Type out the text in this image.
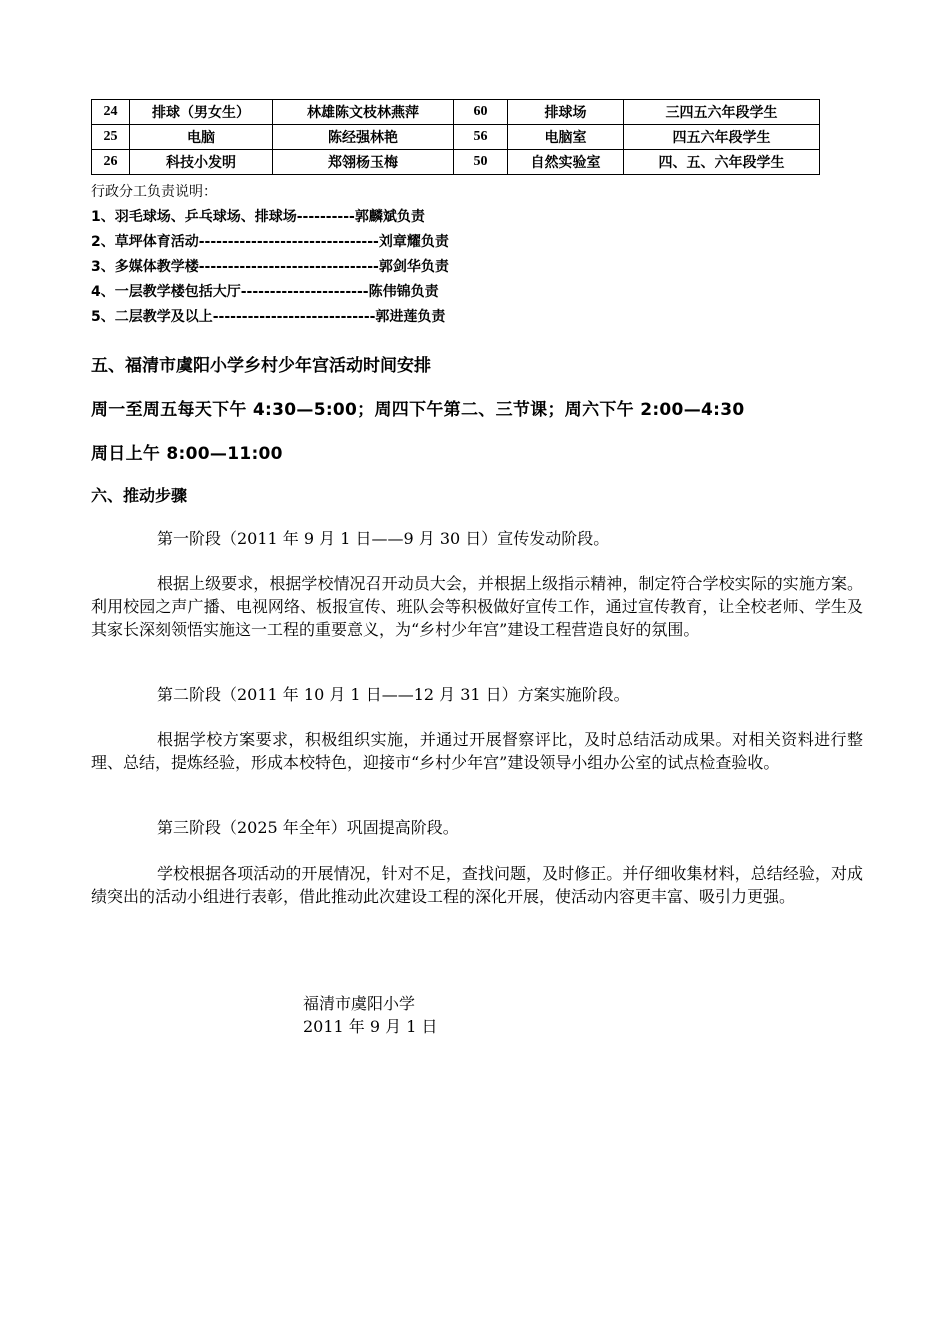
24	排球（男女生）	林雄陈文枝林燕萍	60	排球场	三四五六年段学生
25	电脑	陈经强林艳	56	电脑室	四五六年段学生
26	科技小发明	郑翎杨玉梅	50	自然实验室	四、五、六年段学生
行政分工负责说明：
1、羽毛球场、乒乓球场、排球场----------郭麟斌负责
2、草坪体育活动-------------------------------刘章耀负责
3、多媒体教学楼-------------------------------郭剑华负责
4、一层教学楼包括大厅----------------------陈伟锦负责
5、二层教学及以上----------------------------郭进莲负责
五、福清市虞阳小学乡村少年宫活动时间安排
周一至周五每天下午 4:30—5:00；周四下午第二、三节课；周六下午 2:00—4:30
周日上午 8:00—11:00
六、推动步骤

第一阶段（2011 年 9 月 1 日——9 月 30 日）宣传发动阶段。

根据上级要求，根据学校情况召开动员大会，并根据上级指示精神，制定符合学校实际的实施方案。利用校园之声广播、电视网络、板报宣传、班队会等积极做好宣传工作，通过宣传教育，让全校老师、学生及其家长深刻领悟实施这一工程的重要意义，为“乡村少年宫”建设工程营造良好的氛围。

第二阶段（2011 年 10 月 1 日——12 月 31 日）方案实施阶段。

根据学校方案要求，积极组织实施，并通过开展督察评比，及时总结活动成果。对相关资料进行整理、总结，提炼经验，形成本校特色，迎接市“乡村少年宫”建设领导小组办公室的试点检查验收。

第三阶段（2025 年全年）巩固提高阶段。

学校根据各项活动的开展情况，针对不足，查找问题，及时修正。并仔细收集材料，总结经验，对成绩突出的活动小组进行表彰，借此推动此次建设工程的深化开展，使活动内容更丰富、吸引力更强。

福清市虞阳小学
2011 年 9 月 1 日
